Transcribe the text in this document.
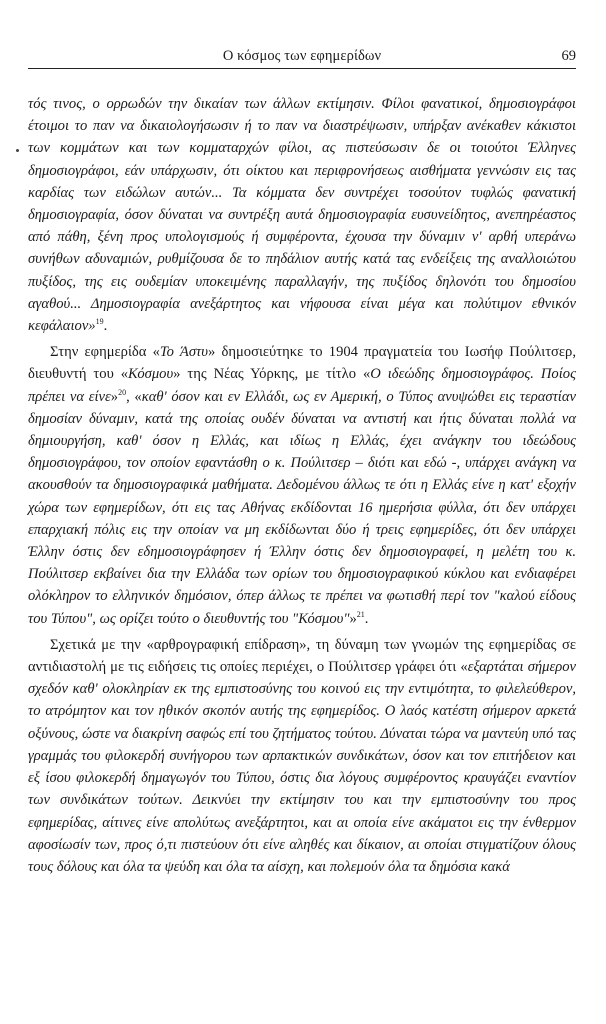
Ο κόσμος των εφημερίδων	69

τός τινος, ο ορρωδών την δικαίαν των άλλων εκτίμησιν. Φίλοι φανατικοί, δημοσιογράφοι έτοιμοι το παν να δικαιολογήσωσιν ή το παν να διαστρέψωσιν, υπήρξαν ανέκαθεν κάκιστοι των κομμάτων και των κομματαρχών φίλοι, ας πιστεύσωσιν δε οι τοιούτοι Έλληνες δημοσιογράφοι, εάν υπάρχωσιν, ότι οίκτου και περιφρονήσεως αισθήματα γεννώσιν εις τας καρδίας των ειδώλων αυτών... Τα κόμματα δεν συντρέχει τοσούτον τυφλώς φανατική δημοσιογραφία, όσον δύναται να συντρέξη αυτά δημοσιογραφία ευσυνείδητος, ανεπηρέαστος από πάθη, ξένη προς υπολογισμούς ή συμφέροντα, έχουσα την δύναμιν ν' αρθή υπεράνω συνήθων αδυναμιών, ρυθμίζουσα δε το πηδάλιον αυτής κατά τας ενδείξεις της αναλλοιώτου πυξίδος, της εις ουδεμίαν υποκειμένης παραλλαγήν, της πυξίδος δηλονότι του δημοσίου αγαθού... Δημοσιογραφία ανεξάρτητος και νήφουσα είναι μέγα και πολύτιμον εθνικόν κεφάλαιον»$^{19}$.

Στην εφημερίδα «Το Άστυ» δημοσιεύτηκε το 1904 πραγματεία του Ιωσήφ Πούλιτσερ, διευθυντή του «Κόσμου» της Νέας Υόρκης, με τίτλο «Ο ιδεώδης δημοσιογράφος. Ποίος πρέπει να είνε»$^{20}$, «καθ' όσον και εν Ελλάδι, ως εν Αμερική, ο Τύπος ανυψώθει εις τεραστίαν δημοσίαν δύναμιν, κατά της οποίας ουδέν δύναται να αντιστή και ήτις δύναται πολλά να δημιουργήση, καθ' όσον η Ελλάς, και ιδίως η Ελλάς, έχει ανάγκην του ιδεώδους δημοσιογράφου, τον οποίον εφαντάσθη ο κ. Πούλιτσερ – διότι και εδώ -, υπάρχει ανάγκη να ακουσθούν τα δημοσιογραφικά μαθήματα. Δεδομένου άλλως τε ότι η Ελλάς είνε η κατ' εξοχήν χώρα των εφημερίδων, ότι εις τας Αθήνας εκδίδονται 16 ημερήσια φύλλα, ότι δεν υπάρχει επαρχιακή πόλις εις την οποίαν να μη εκδίδωνται δύο ή τρεις εφημερίδες, ότι δεν υπάρχει Έλλην όστις δεν εδημοσιογράφησεν ή Έλλην όστις δεν δημοσιογραφεί, η μελέτη του κ. Πούλιτσερ εκβαίνει δια την Ελλάδα των ορίων του δημοσιογραφικού κύκλου και ενδιαφέρει ολόκληρον το ελληνικόν δημόσιον, όπερ άλλως τε πρέπει να φωτισθή περί τον "καλού είδους του Τύπου", ως ορίζει τούτο ο διευθυντής του "Κόσμου"»$^{21}$.

Σχετικά με την «αρθρογραφική επίδραση», τη δύναμη των γνωμών της εφημερίδας σε αντιδιαστολή με τις ειδήσεις τις οποίες περιέχει, ο Πούλιτσερ γράφει ότι «εξαρτάται σήμερον σχεδόν καθ' ολοκληρίαν εκ της εμπιστοσύνης του κοινού εις την εντιμότητα, το φιλελεύθερον, το ατρόμητον και τον ηθικόν σκοπόν αυτής της εφημερίδος. Ο λαός κατέστη σήμερον αρκετά οξύνους, ώστε να διακρίνη σαφώς επί του ζητήματος τούτου. Δύναται τώρα να μαντεύη υπό τας γραμμάς του φιλοκερδή συνήγορου των αρπακτικών συνδικάτων, όσον και τον επιτήδειον και εξ ίσου φιλοκερδή δημαγωγόν του Τύπου, όστις δια λόγους συμφέροντος κραυγάζει εναντίον των συνδικάτων τούτων. Δεικνύει την εκτίμησιν του και την εμπιστοσύνην του προς εφημερίδας, αίτινες είνε απολύτως ανεξάρτητοι, και αι οποία είνε ακάματοι εις την ένθερμον αφοσίωσίν των, προς ό,τι πιστεύουν ότι είνε αληθές και δίκαιον, αι οποίαι στιγματίζουν όλους τους δόλους και όλα τα ψεύδη και όλα τα αίσχη, και πολεμούν όλα τα δημόσια κακά
